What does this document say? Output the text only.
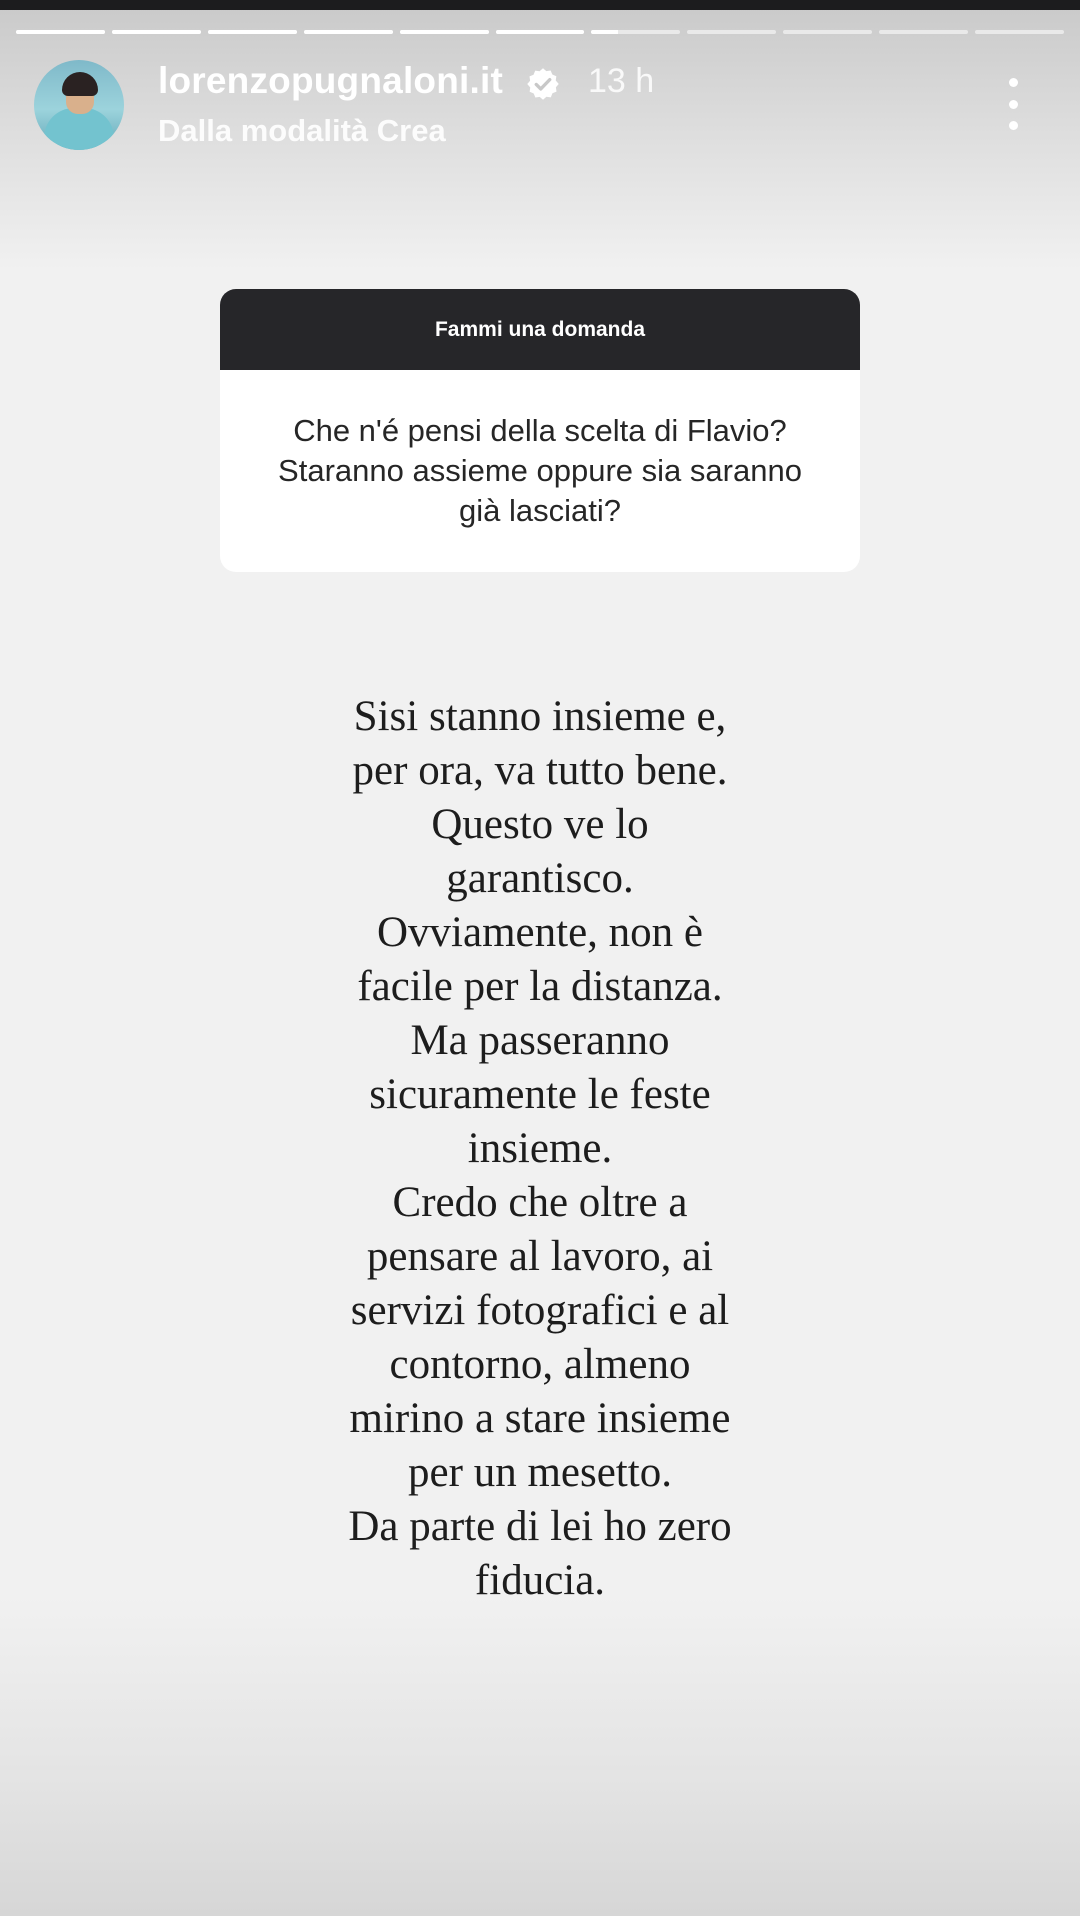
lorenzopugnaloni.it	13 h
Dalla modalità Crea
Fammi una domanda
Che n'é pensi della scelta di Flavio?
Staranno assieme oppure sia saranno
già lasciati?
Sisi stanno insieme e,
per ora, va tutto bene.
Questo ve lo
garantisco.
Ovviamente, non è
facile per la distanza.
Ma passeranno
sicuramente le feste
insieme.
Credo che oltre a
pensare al lavoro, ai
servizi fotografici e al
contorno, almeno
mirino a stare insieme
per un mesetto.
Da parte di lei ho zero
fiducia.
